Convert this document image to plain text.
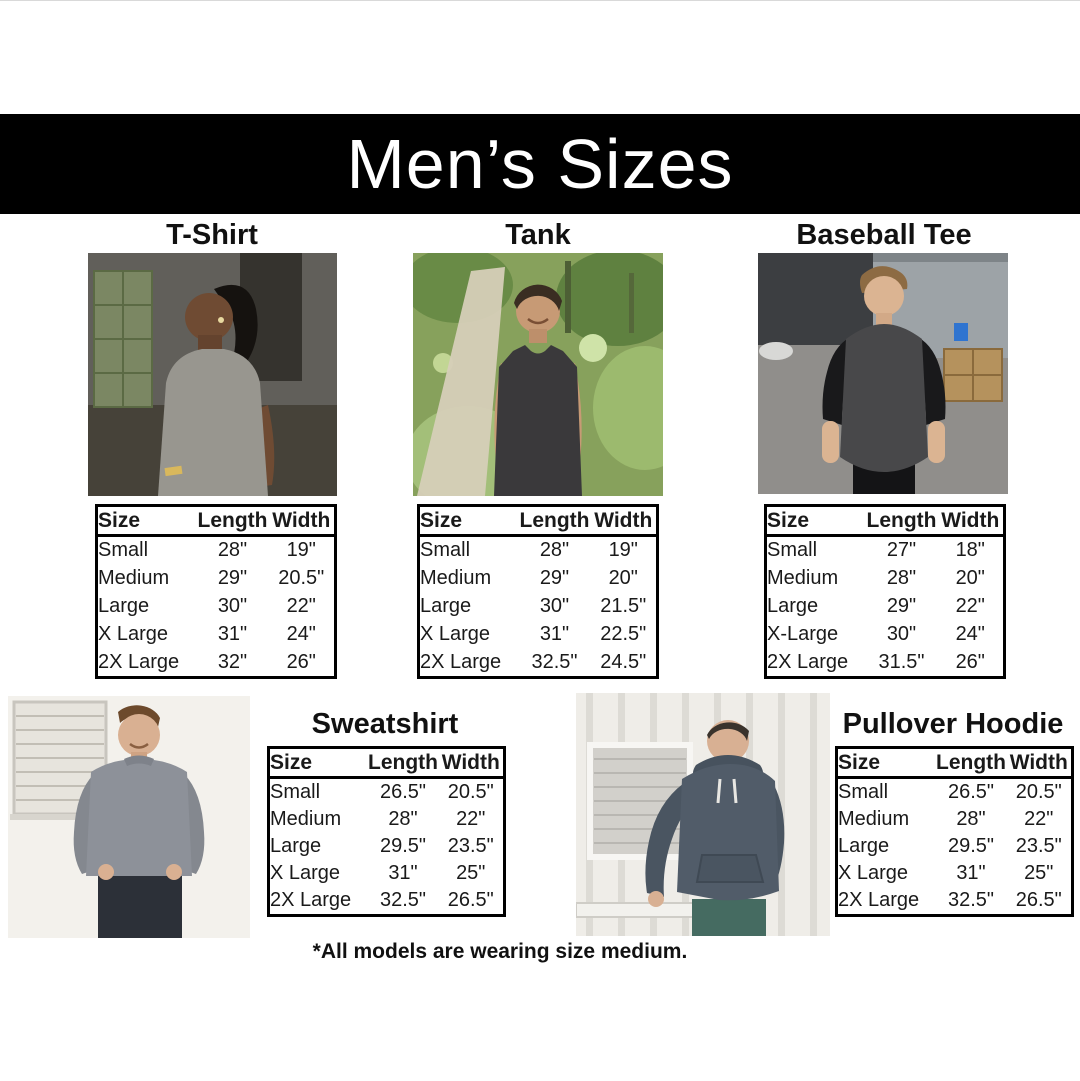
Men’s Sizes
T-Shirt	Tank	Baseball Tee
Size	Length	Width
Small	28"	19"
Medium	29"	20.5"
Large	30"	22"
X Large	31"	24"
2X Large	32"	26"
Size	Length	Width
Small	28"	19"
Medium	29"	20"
Large	30"	21.5"
X Large	31"	22.5"
2X Large	32.5"	24.5"
Size	Length	Width
Small	27"	18"
Medium	28"	20"
Large	29"	22"
X-Large	30"	24"
2X Large	31.5"	26"
Sweatshirt	Pullover Hoodie
Size	Length	Width
Small	26.5"	20.5"
Medium	28"	22"
Large	29.5"	23.5"
X Large	31"	25"
2X Large	32.5"	26.5"
Size	Length	Width
Small	26.5"	20.5"
Medium	28"	22"
Large	29.5"	23.5"
X Large	31"	25"
2X Large	32.5"	26.5"

*All models are wearing size medium.
